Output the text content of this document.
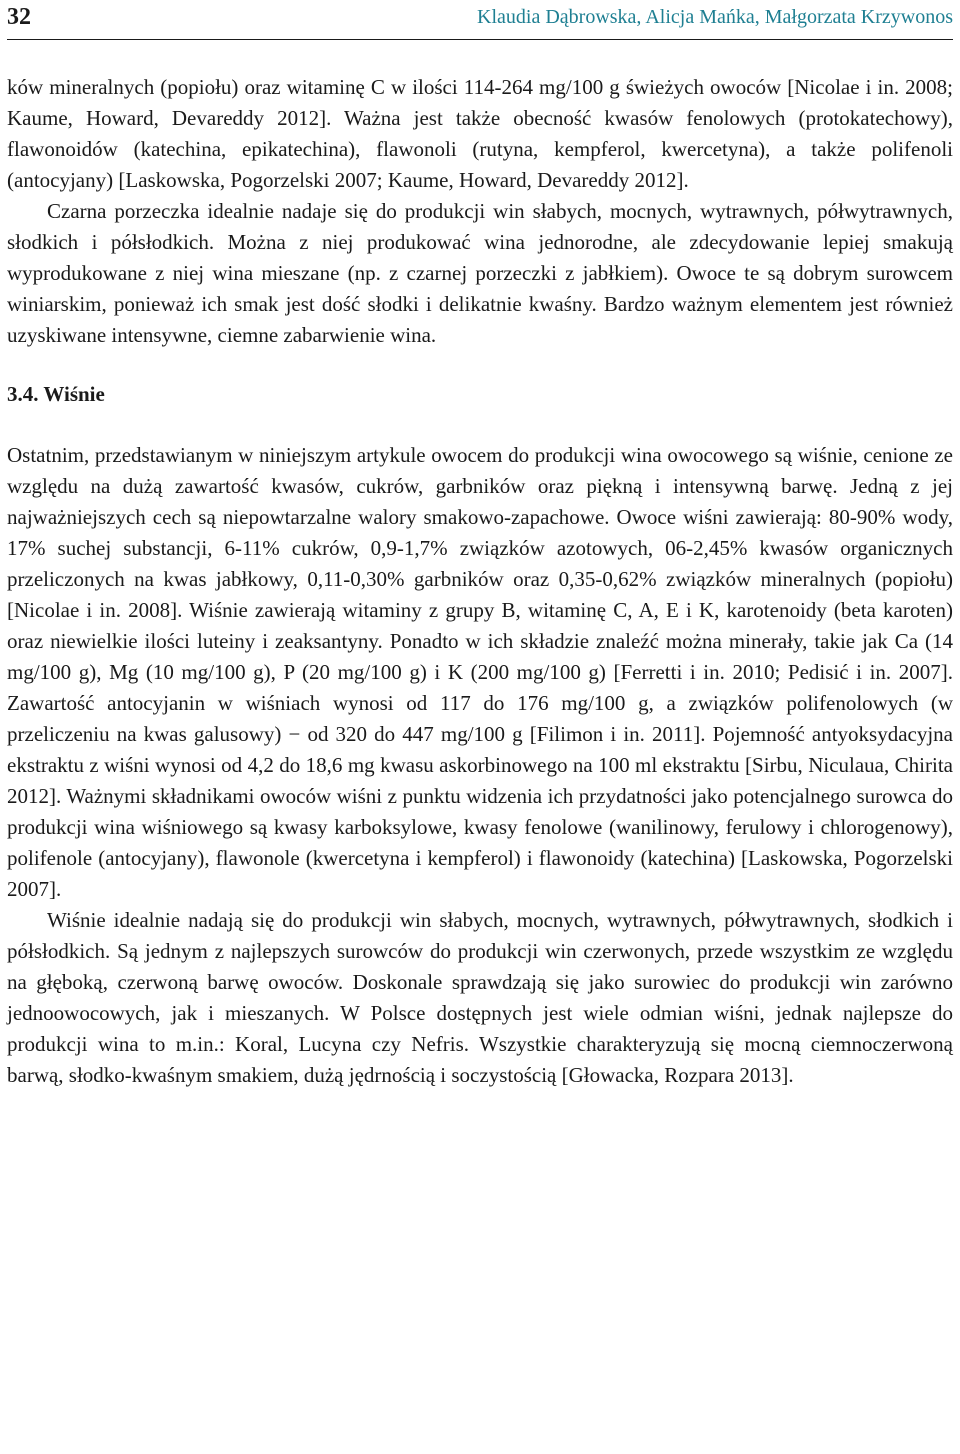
32	Klaudia Dąbrowska, Alicja Mańka, Małgorzata Krzywonos

ków mineralnych (popiołu) oraz witaminę C w ilości 114-264 mg/100 g świeżych owoców [Nicolae i in. 2008; Kaume, Howard, Devareddy 2012]. Ważna jest także obecność kwasów fenolowych (protokatechowy), flawonoidów (katechina, epikatechina), flawonoli (rutyna, kempferol, kwercetyna), a także polifenoli (antocyjany) [Laskowska, Pogorzelski 2007; Kaume, Howard, Devareddy 2012].

Czarna porzeczka idealnie nadaje się do produkcji win słabych, mocnych, wytrawnych, półwytrawnych, słodkich i półsłodkich. Można z niej produkować wina jednorodne, ale zdecydowanie lepiej smakują wyprodukowane z niej wina mieszane (np. z czarnej porzeczki z jabłkiem). Owoce te są dobrym surowcem winiarskim, ponieważ ich smak jest dość słodki i delikatnie kwaśny. Bardzo ważnym elementem jest również uzyskiwane intensywne, ciemne zabarwienie wina.

3.4. Wiśnie

Ostatnim, przedstawianym w niniejszym artykule owocem do produkcji wina owocowego są wiśnie, cenione ze względu na dużą zawartość kwasów, cukrów, garbników oraz piękną i intensywną barwę. Jedną z jej najważniejszych cech są niepowtarzalne walory smakowo-zapachowe. Owoce wiśni zawierają: 80-90% wody, 17% suchej substancji, 6-11% cukrów, 0,9-1,7% związków azotowych, 06-2,45% kwasów organicznych przeliczonych na kwas jabłkowy, 0,11-0,30% garbników oraz 0,35-0,62% związków mineralnych (popiołu) [Nicolae i in. 2008]. Wiśnie zawierają witaminy z grupy B, witaminę C, A, E i K, karotenoidy (beta karoten) oraz niewielkie ilości luteiny i zeaksantyny. Ponadto w ich składzie znaleźć można minerały, takie jak Ca (14 mg/100 g), Mg (10 mg/100 g), P (20 mg/100 g) i K (200 mg/100 g) [Ferretti i in. 2010; Pedisić i in. 2007]. Zawartość antocyjanin w wiśniach wynosi od 117 do 176 mg/100 g, a związków polifenolowych (w przeliczeniu na kwas galusowy) − od 320 do 447 mg/100 g [Filimon i in. 2011]. Pojemność antyoksydacyjna ekstraktu z wiśni wynosi od 4,2 do 18,6 mg kwasu askorbinowego na 100 ml ekstraktu [Sirbu, Niculaua, Chirita 2012]. Ważnymi składnikami owoców wiśni z punktu widzenia ich przydatności jako potencjalnego surowca do produkcji wina wiśniowego są kwasy karboksylowe, kwasy fenolowe (wanilinowy, ferulowy i chlorogenowy), polifenole (antocyjany), flawonole (kwercetyna i kempferol) i flawonoidy (katechina) [Laskowska, Pogorzelski 2007].

Wiśnie idealnie nadają się do produkcji win słabych, mocnych, wytrawnych, półwytrawnych, słodkich i półsłodkich. Są jednym z najlepszych surowców do produkcji win czerwonych, przede wszystkim ze względu na głęboką, czerwoną barwę owoców. Doskonale sprawdzają się jako surowiec do produkcji win zarówno jednoowocowych, jak i mieszanych. W Polsce dostępnych jest wiele odmian wiśni, jednak najlepsze do produkcji wina to m.in.: Koral, Lucyna czy Nefris. Wszystkie charakteryzują się mocną ciemnoczerwoną barwą, słodko-kwaśnym smakiem, dużą jędrnością i soczystością [Głowacka, Rozpara 2013].
